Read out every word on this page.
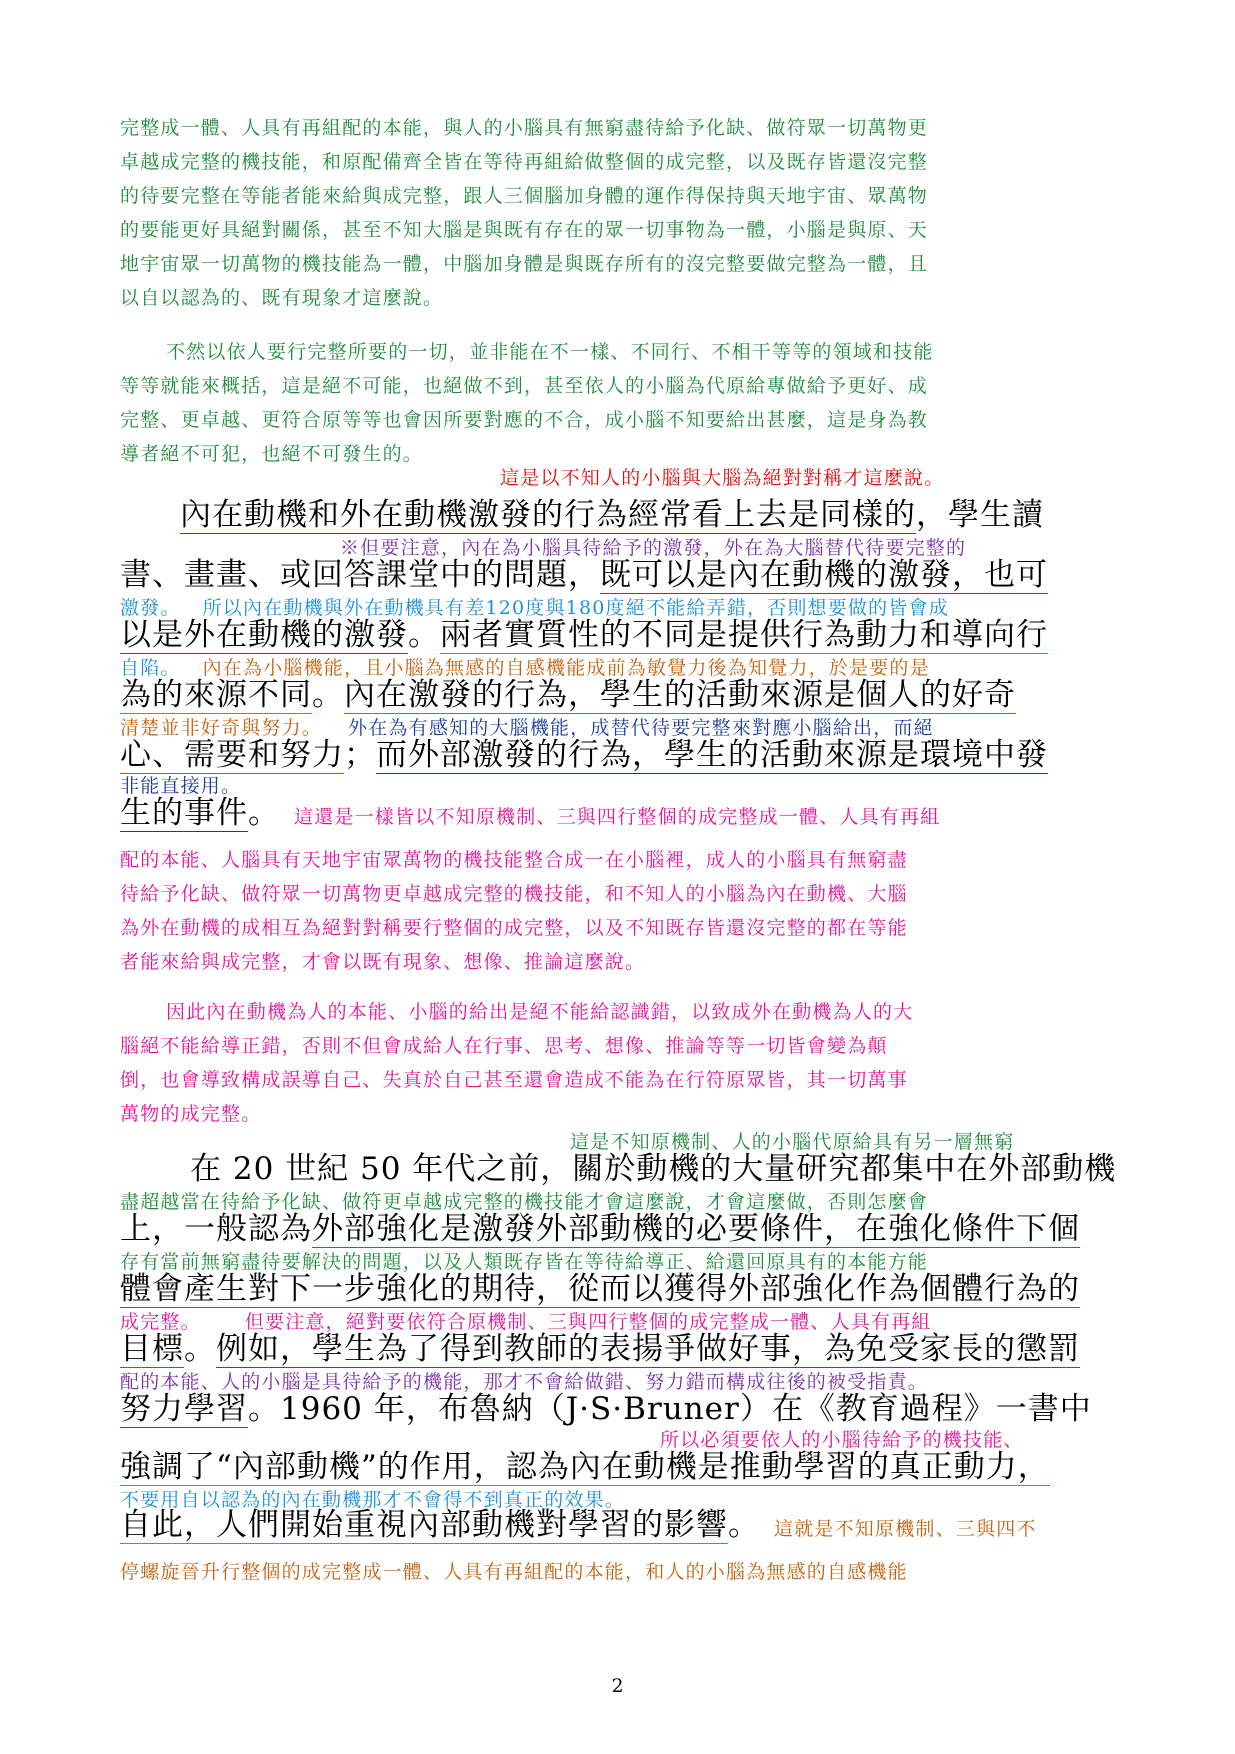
完整成一體、人具有再組配的本能，與人的小腦具有無窮盡待給予化缺、做符眾一切萬物更
卓越成完整的機技能，和原配備齊全皆在等待再組給做整個的成完整，以及既存皆還沒完整
的待要完整在等能者能來給與成完整，跟人三個腦加身體的運作得保持與天地宇宙、眾萬物
的要能更好具絕對關係，甚至不知大腦是與既有存在的眾一切事物為一體，小腦是與原、天
地宇宙眾一切萬物的機技能為一體，中腦加身體是與既存所有的沒完整要做完整為一體，且
以自以認為的、既有現象才這麼說。
不然以依人要行完整所要的一切，並非能在不一樣、不同行、不相干等等的領域和技能
等等就能來概括，這是絕不可能，也絕做不到，甚至依人的小腦為代原給專做給予更好、成
完整、更卓越、更符合原等等也會因所要對應的不合，成小腦不知要給出甚麼，這是身為教
導者絕不可犯，也絕不可發生的。
這是以不知人的小腦與大腦為絕對對稱才這麼說。
內在動機和外在動機激發的行為經常看上去是同樣的，學生讀
※但要注意，內在為小腦具待給予的激發，外在為大腦替代待要完整的
書、畫畫、或回答課堂中的問題，既可以是內在動機的激發，也可
激發。 所以內在動機與外在動機具有差120度與180度絕不能給弄錯，否則想要做的皆會成
以是外在動機的激發。兩者實質性的不同是提供行為動力和導向行
自陷。 內在為小腦機能，且小腦為無感的自感機能成前為敏覺力後為知覺力，於是要的是
為的來源不同。內在激發的行為，學生的活動來源是個人的好奇
清楚並非好奇與努力。 外在為有感知的大腦機能，成替代待要完整來對應小腦給出，而絕
心、需要和努力；而外部激發的行為，學生的活動來源是環境中發
非能直接用。
生的事件。 這還是一樣皆以不知原機制、三與四行整個的成完整成一體、人具有再組
配的本能、人腦具有天地宇宙眾萬物的機技能整合成一在小腦裡，成人的小腦具有無窮盡
待給予化缺、做符眾一切萬物更卓越成完整的機技能，和不知人的小腦為內在動機、大腦
為外在動機的成相互為絕對對稱要行整個的成完整，以及不知既存皆還沒完整的都在等能
者能來給與成完整，才會以既有現象、想像、推論這麼說。
因此內在動機為人的本能、小腦的給出是絕不能給認識錯，以致成外在動機為人的大
腦絕不能給導正錯，否則不但會成給人在行事、思考、想像、推論等等一切皆會變為顛
倒，也會導致構成誤導自己、失真於自己甚至還會造成不能為在行符原眾皆，其一切萬事
萬物的成完整。
這是不知原機制、人的小腦代原給具有另一層無窮
在 20 世紀 50 年代之前，關於動機的大量研究都集中在外部動機
盡超越當在待給予化缺、做符更卓越成完整的機技能才會這麼說，才會這麼做，否則怎麼會
上，一般認為外部強化是激發外部動機的必要條件，在強化條件下個
存有當前無窮盡待要解決的問題，以及人類既存皆在等待給導正、給還回原具有的本能方能
體會產生對下一步強化的期待，從而以獲得外部強化作為個體行為的
成完整。 但要注意，絕對要依符合原機制、三與四行整個的成完整成一體、人具有再組
目標。例如，學生為了得到教師的表揚爭做好事，為免受家長的懲罰
配的本能、人的小腦是具待給予的機能，那才不會給做錯、努力錯而構成往後的被受指責。
努力學習。1960 年，布魯納（J·S·Bruner）在《教育過程》一書中
所以必須要依人的小腦待給予的機技能、
強調了“內部動機”的作用，認為內在動機是推動學習的真正動力，
不要用自以認為的內在動機那才不會得不到真正的效果。
自此，人們開始重視內部動機對學習的影響。 這就是不知原機制、三與四不
停螺旋晉升行整個的成完整成一體、人具有再組配的本能，和人的小腦為無感的自感機能
2
